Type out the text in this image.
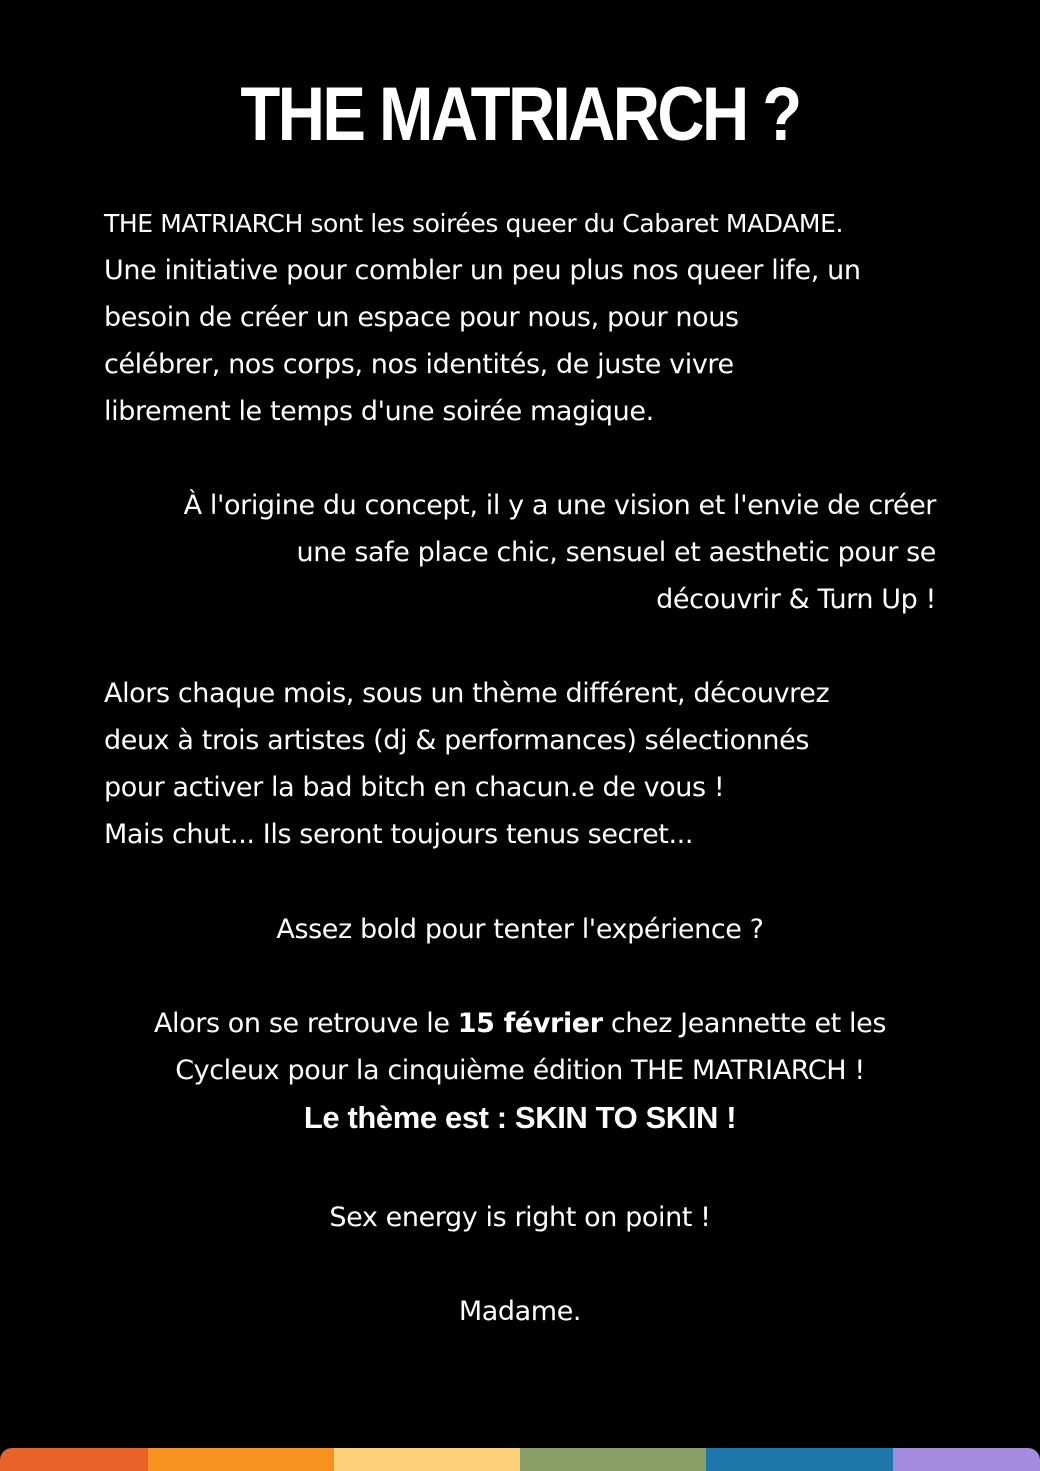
THE MATRIARCH ?

THE MATRIARCH sont les soirées queer du Cabaret MADAME.
Une initiative pour combler un peu plus nos queer life, un
besoin de créer un espace pour nous, pour nous
célébrer, nos corps, nos identités, de juste vivre
librement le temps d'une soirée magique.

À l'origine du concept, il y a une vision et l'envie de créer
une safe place chic, sensuel et aesthetic pour se
découvrir & Turn Up !

Alors chaque mois, sous un thème différent, découvrez
deux à trois artistes (dj & performances) sélectionnés
pour activer la bad bitch en chacun.e de vous !
Mais chut... Ils seront toujours tenus secret...

Assez bold pour tenter l'expérience ?

Alors on se retrouve le 15 février chez Jeannette et les
Cycleux pour la cinquième édition THE MATRIARCH !
Le thème est : SKIN TO SKIN !

Sex energy is right on point !

Madame.
